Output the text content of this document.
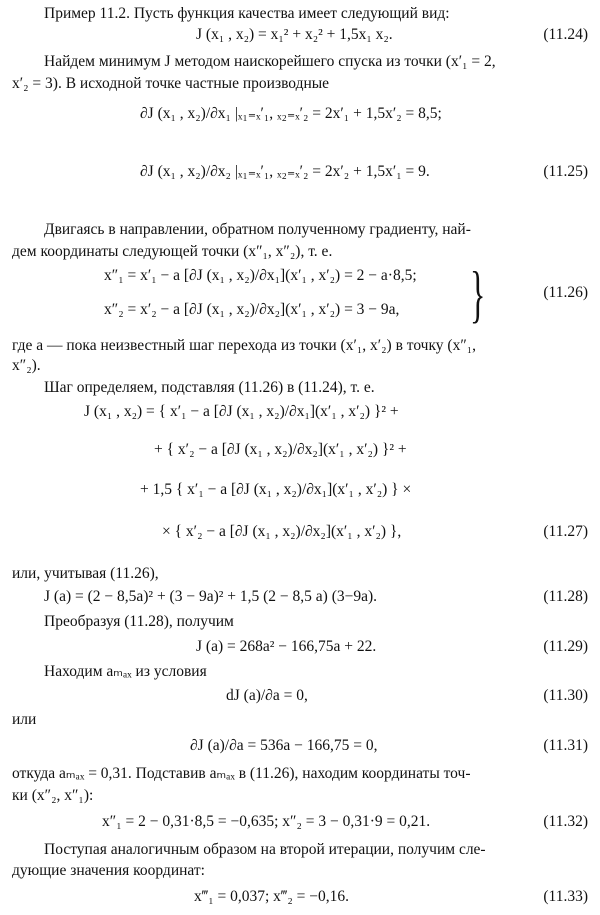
Пример 11.2. Пусть функция качества имеет следующий вид:
J (x₁ , x₂) = x₁² + x₂² + 1,5x₁ x₂.
Найдем минимум J методом наискорейшего спуска из точки (x′₁ = 2,
x′₂ = 3). В исходной точке частные производные
∂J (x₁ , x₂)/∂x₁ |ₓ₁₌ₓ′₁, ₓ₂₌ₓ′₂ = 2x′₁ + 1,5x′₂ = 8,5;
∂J (x₁ , x₂)/∂x₂ |ₓ₁₌ₓ′₁, ₓ₂₌ₓ′₂ = 2x′₂ + 1,5x′₁ = 9.
Двигаясь в направлении, обратном полученному градиенту, най-
дем координаты следующей точки (x″₁, x″₂), т. е.
x″₁ = x′₁ − a [∂J (x₁ , x₂)/∂x₁](x′₁ , x′₂) = 2 − a·8,5;
x″₂ = x′₂ − a [∂J (x₁ , x₂)/∂x₂](x′₁ , x′₂) = 3 − 9a, }
где a — пока неизвестный шаг перехода из точки (x′₁, x′₂) в точку (x″₁,
x″₂).
Шаг определяем, подставляя (11.26) в (11.24), т. е.
J (x₁ , x₂) = { x′₁ − a [∂J (x₁ , x₂)/∂x₁](x′₁ , x′₂) }² +
+ { x′₂ − a [∂J (x₁ , x₂)/∂x₂](x′₁ , x′₂) }² +
+ 1,5 { x′₁ − a [∂J (x₁ , x₂)/∂x₁](x′₁ , x′₂) } ×
× { x′₂ − a [∂J (x₁ , x₂)/∂x₂](x′₁ , x′₂) },
или, учитывая (11.26),
J (a) = (2 − 8,5a)² + (3 − 9a)² + 1,5 (2 − 8,5 a) (3−9a).
Преобразуя (11.28), получим
J (a) = 268a² − 166,75a + 22.
Находим aₘₐₓ из условия
dJ (a)/∂a = 0,
или
∂J (a)/∂a = 536a − 166,75 = 0,
откуда aₘₐₓ = 0,31. Подставив aₘₐₓ в (11.26), находим координаты точ-
ки (x″₂, x″₁):
x″₁ = 2 − 0,31·8,5 = −0,635; x″₂ = 3 − 0,31·9 = 0,21.
Поступая аналогичным образом на второй итерации, получим сле-
дующие значения координат:
x‴₁ = 0,037; x‴₂ = −0,16.
(11.24)
(11.25)
(11.26)
(11.27)
(11.28)
(11.29)
(11.30)
(11.31)
(11.32)
(11.33)
